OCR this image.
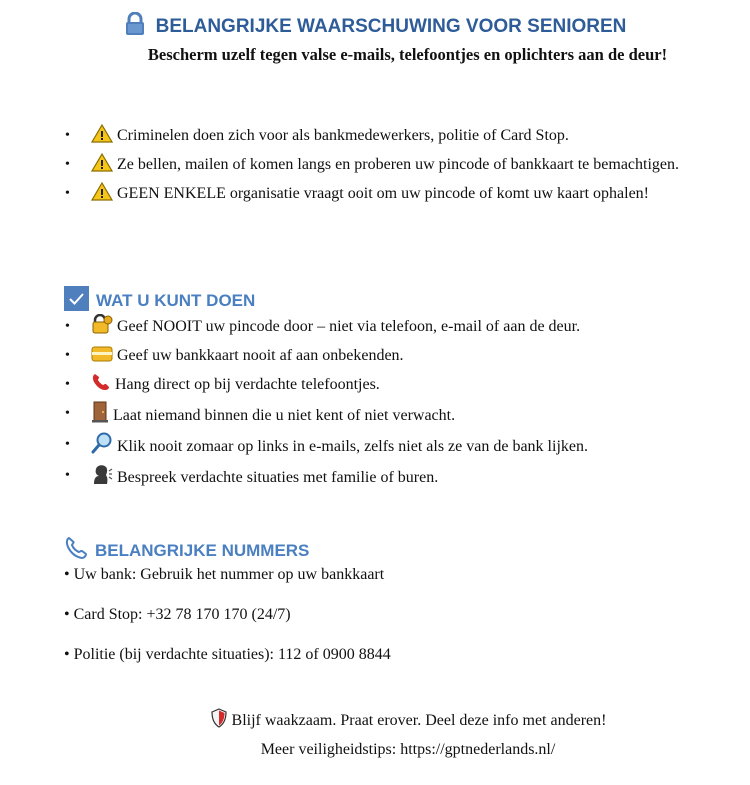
BELANGRIJKE WAARSCHUWING VOOR SENIOREN
Bescherm uzelf tegen valse e-mails, telefoontjes en oplichters aan de deur!
•	Criminelen doen zich voor als bankmedewerkers, politie of Card Stop.
•	Ze bellen, mailen of komen langs en proberen uw pincode of bankkaart te bemachtigen.
•	GEEN ENKELE organisatie vraagt ooit om uw pincode of komt uw kaart ophalen!
WAT U KUNT DOEN
•	Geef NOOIT uw pincode door – niet via telefoon, e-mail of aan de deur.
•	Geef uw bankkaart nooit af aan onbekenden.
•	Hang direct op bij verdachte telefoontjes.
•	Laat niemand binnen die u niet kent of niet verwacht.
•	Klik nooit zomaar op links in e-mails, zelfs niet als ze van de bank lijken.
•	Bespreek verdachte situaties met familie of buren.
BELANGRIJKE NUMMERS
• Uw bank: Gebruik het nummer op uw bankkaart
• Card Stop: +32 78 170 170 (24/7)
• Politie (bij verdachte situaties): 112 of 0900 8844
Blijf waakzaam. Praat erover. Deel deze info met anderen!
Meer veiligheidstips: https://gptnederlands.nl/
